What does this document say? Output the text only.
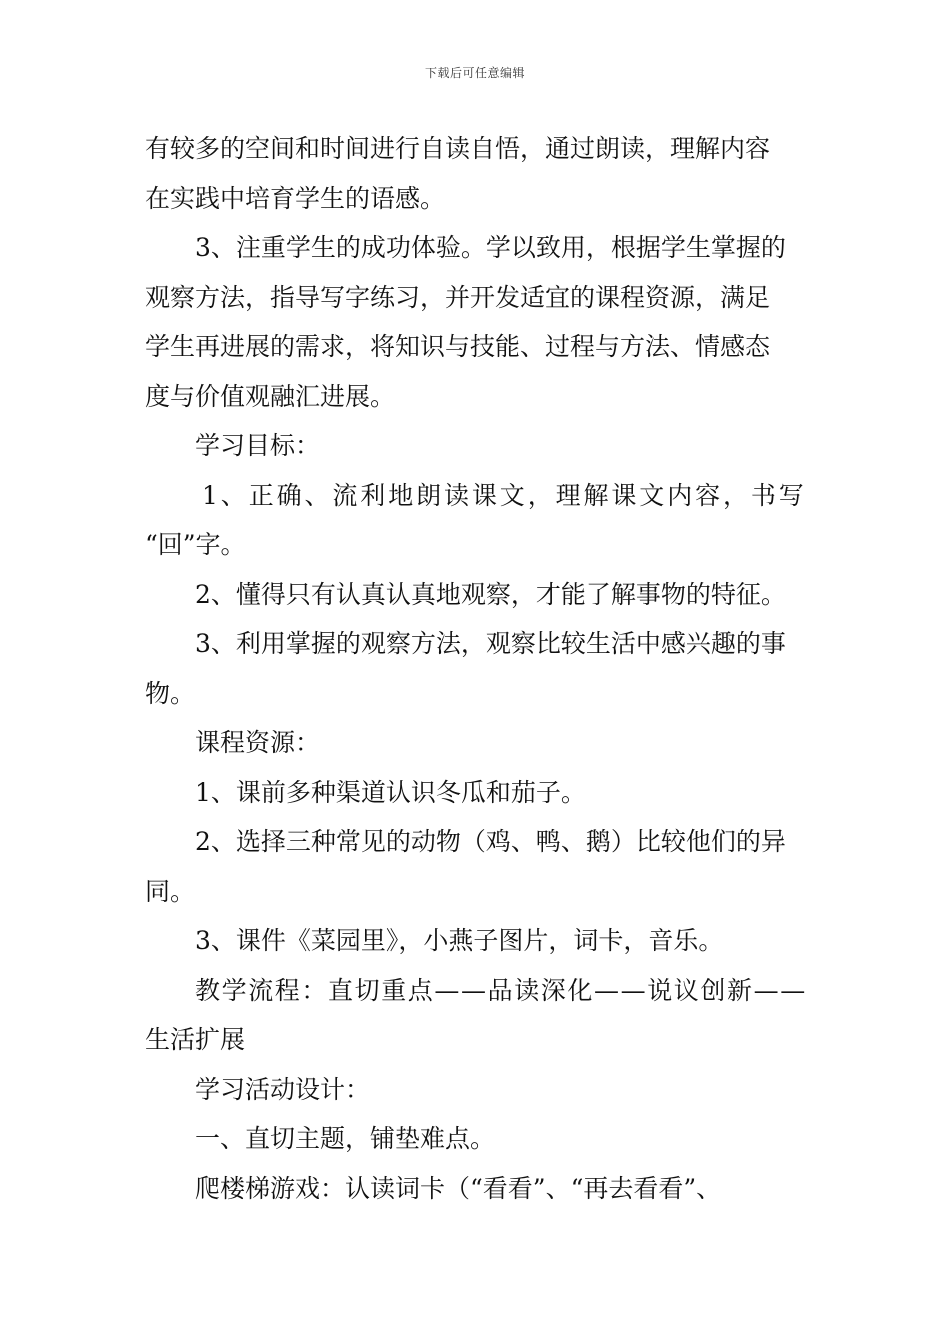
下载后可任意编辑

有较多的空间和时间进行自读自悟，通过朗读，理解内容

在实践中培育学生的语感。

3、注重学生的成功体验。学以致用，根据学生掌握的

观察方法，指导写字练习，并开发适宜的课程资源，满足

学生再进展的需求，将知识与技能、过程与方法、情感态

度与价值观融汇进展。

学习目标：

1、正确、流利地朗读课文，理解课文内容，书写

“回”字。

2、懂得只有认真认真地观察，才能了解事物的特征。

3、利用掌握的观察方法，观察比较生活中感兴趣的事

物。

课程资源：

1、课前多种渠道认识冬瓜和茄子。

2、选择三种常见的动物（鸡、鸭、鹅）比较他们的异

同。

3、课件《菜园里》，小燕子图片，词卡，音乐。

教学流程：直切重点——品读深化——说议创新——

生活扩展

学习活动设计：

一、直切主题，铺垫难点。

爬楼梯游戏：认读词卡（“看看”、“再去看看”、
